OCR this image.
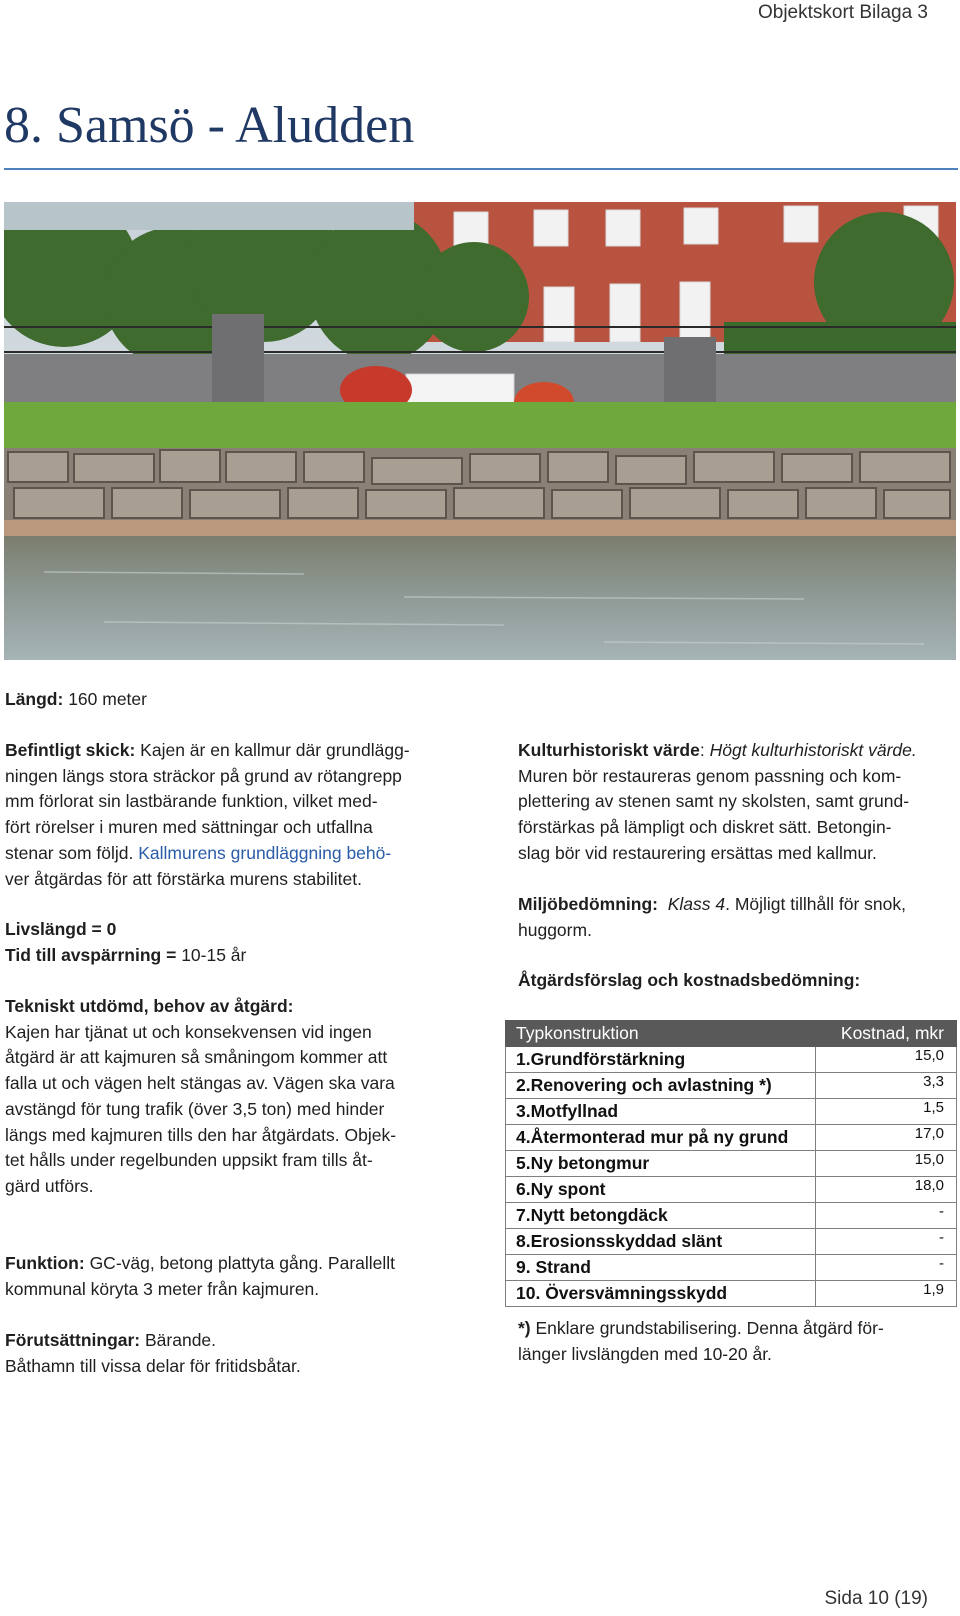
Objektskort Bilaga 3
8. Samsö - Aludden
Längd: 160 meter
Befintligt skick: Kajen är en kallmur där grundlägg-
ningen längs stora sträckor på grund av rötangrepp
mm förlorat sin lastbärande funktion, vilket med-
fört rörelser i muren med sättningar och utfallna
stenar som följd. Kallmurens grundläggning behö-
ver åtgärdas för att förstärka murens stabilitet.
Livslängd = 0
Tid till avspärrning = 10-15 år
Tekniskt utdömd, behov av åtgärd:
Kajen har tjänat ut och konsekvensen vid ingen
åtgärd är att kajmuren så småningom kommer att
falla ut och vägen helt stängas av. Vägen ska vara
avstängd för tung trafik (över 3,5 ton) med hinder
längs med kajmuren tills den har åtgärdats. Objek-
tet hålls under regelbunden uppsikt fram tills åt-
gärd utförs.
Funktion: GC-väg, betong plattyta gång. Parallellt
kommunal köryta 3 meter från kajmuren.
Förutsättningar: Bärande.
Båthamn till vissa delar för fritidsbåtar.
Kulturhistoriskt värde: Högt kulturhistoriskt värde.
Muren bör restaureras genom passning och kom-
plettering av stenen samt ny skolsten, samt grund-
förstärkas på lämpligt och diskret sätt. Betongin-
slag bör vid restaurering ersättas med kallmur.
Miljöbedömning: Klass 4. Möjligt tillhåll för snok,
huggorm.
Åtgärdsförslag och kostnadsbedömning:
Typkonstruktion	Kostnad, mkr
1.Grundförstärkning	15,0
2.Renovering och avlastning *)	3,3
3.Motfyllnad	1,5
4.Återmonterad mur på ny grund	17,0
5.Ny betongmur	15,0
6.Ny spont	18,0
7.Nytt betongdäck	-
8.Erosionsskyddad slänt	-
9. Strand	-
10. Översvämningsskydd	1,9
*) Enklare grundstabilisering. Denna åtgärd för-
länger livslängden med 10-20 år.
Sida 10 (19)
